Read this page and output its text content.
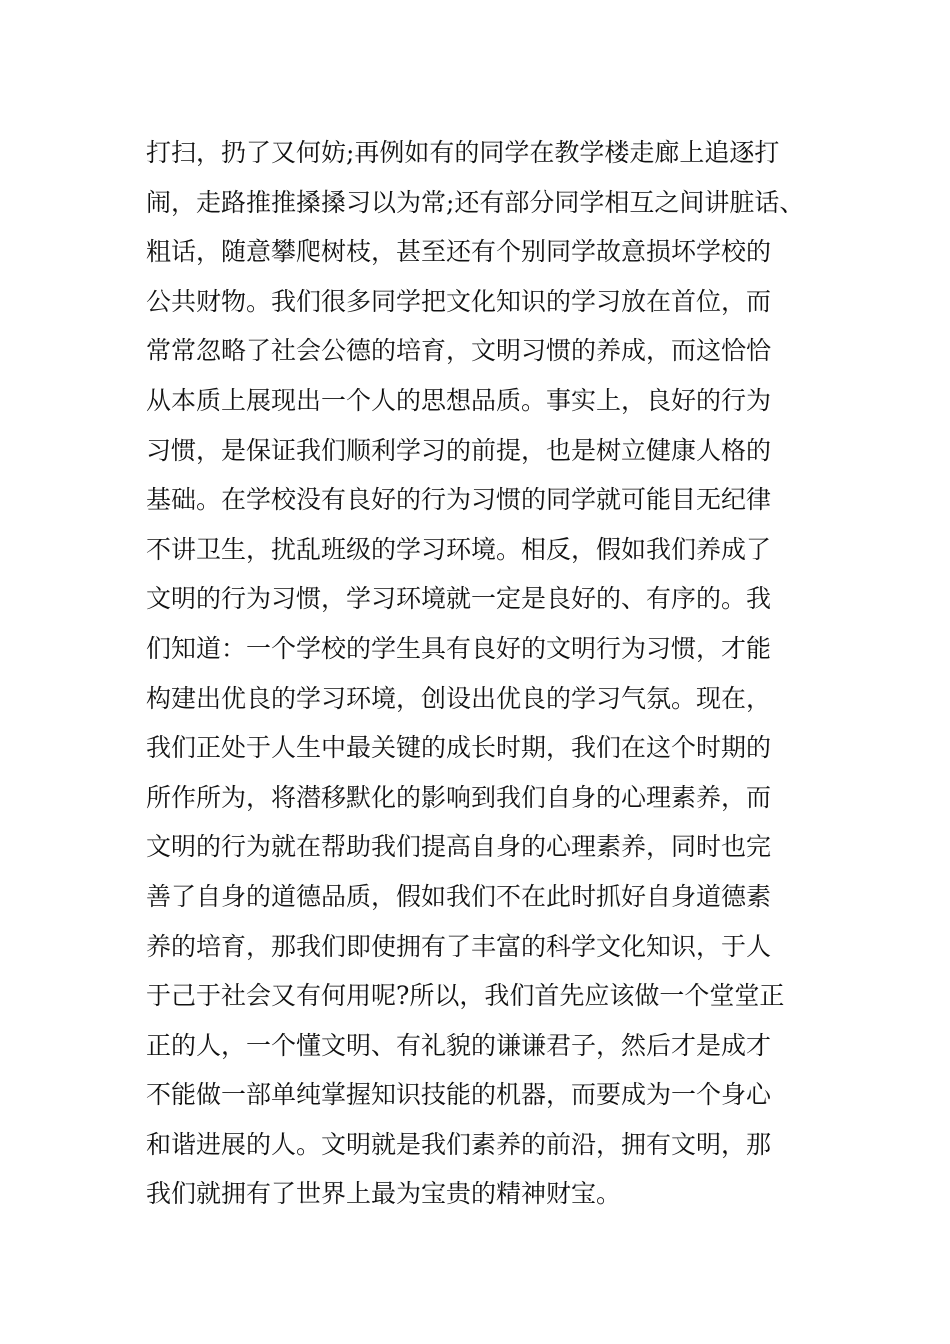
打扫，扔了又何妨;再例如有的同学在教学楼走廊上追逐打
闹，走路推推搡搡习以为常;还有部分同学相互之间讲脏话、
粗话，随意攀爬树枝，甚至还有个别同学故意损坏学校的
公共财物。我们很多同学把文化知识的学习放在首位，而
常常忽略了社会公德的培育，文明习惯的养成，而这恰恰
从本质上展现出一个人的思想品质。事实上，良好的行为
习惯，是保证我们顺利学习的前提，也是树立健康人格的
基础。在学校没有良好的行为习惯的同学就可能目无纪律
不讲卫生，扰乱班级的学习环境。相反，假如我们养成了
文明的行为习惯，学习环境就一定是良好的、有序的。我
们知道：一个学校的学生具有良好的文明行为习惯，才能
构建出优良的学习环境，创设出优良的学习气氛。现在，
我们正处于人生中最关键的成长时期，我们在这个时期的
所作所为，将潜移默化的影响到我们自身的心理素养，而
文明的行为就在帮助我们提高自身的心理素养，同时也完
善了自身的道德品质，假如我们不在此时抓好自身道德素
养的培育，那我们即使拥有了丰富的科学文化知识，于人
于己于社会又有何用呢?所以，我们首先应该做一个堂堂正
正的人，一个懂文明、有礼貌的谦谦君子，然后才是成才
不能做一部单纯掌握知识技能的机器，而要成为一个身心
和谐进展的人。文明就是我们素养的前沿，拥有文明，那
我们就拥有了世界上最为宝贵的精神财宝。
